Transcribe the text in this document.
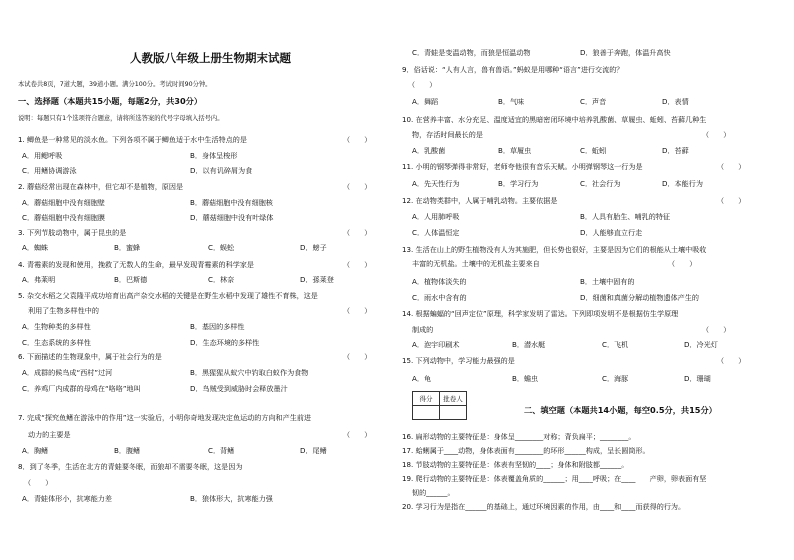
人教版八年级上册生物期末试题
本试卷共8页，7道大题，39道小题。满分100分。考试时间90分钟。
一、选择题（本题共15小题，每题2分，共30分）
说明：每题只有1个选项符合题意，请将所选答案的代号字母填入括号内。
1. 鲫鱼是一种常见的淡水鱼。下列各项不属于鲫鱼适于水中生活特点的是	（　　）
A．用鳃呼吸	B．身体呈梭形
C．用鳍协调游泳	D．以有讥碎屑为食
2. 蘑菇经常出现在森林中，但它却不是植物，原因是	（　　）
A．蘑菇细胞中没有细胞壁	B．蘑菇细胞中没有细胞核
C．蘑菇细胞中没有细胞膜	D．蘑菇细胞中没有叶绿体
3. 下列节肢动物中，属于昆虫的是	（　　）
A．蜘蛛	B．蜜蜂	C．蜈蚣	D．螃子
4. 青霉素的发现和使用，挽救了无数人的生命，最早发现青霉素的科学家是	（　　）
A．弗莱明	B．巴斯德	C．林奈	D．孫莱登
5. 杂交水稻之父袁隆平成功培育出高产杂交水稻的关键是在野生水稻中发现了雄性不育株，这是
利用了生物多样性中的	（　　）
A．生物种类的多样性	B．基因的多样性
C．生态系统的多样性	D．生态环境的多样性
6. 下面描述的生物现象中，属于社会行为的是	（　　）
A．成群的候鸟成“西村”过河	B．黑猩猩从蚁穴中钓取白蚁作为食物
C．养鸡厂内成群的母鸡在“咯咯”地叫	D．鸟贼受到威胁时会释放墨汁
7. 完成“探究鱼鳍在游泳中的作用”这一实验后，小明你奇地发现决定鱼运动的方向和产生前进
动力的主要是	（　　）
A．胸鳍	B．腹鳍	C．背鳍	D．尾鳍
8．到了冬季，生活在北方的青蛙要冬眠，而狼却不需要冬眠，这是因为
（　　）
A．青蛙体形小，抗寒能力差	B．狼体形大，抗寒能力强
C．青蛙是变温动物，而狼是恒温动物	D．狼善于奔跑，体温升高快
9．俗话说：“人有人言，兽有兽语。”蚂蚁是用哪种“语言”进行交流的？
（　　）
A．舞蹈	B．气味	C．声音	D．表情
10. 在营养丰富、水分充足、温度适宜的黑暗密闭环境中培养乳酸菌、草履虫、蚯蚓、苔藓几种生
物，存活时间最长的是	（　　）
A．乳酸菌	B．草履虫	C．蚯蚓	D．苔藓
11. 小明的钢琴弹得非常好，老师夸他很有音乐天赋。小明弹钢琴这一行为是	（　　）
A．先天性行为	B．学习行为	C．社会行为	D．本能行为
12. 在动物类群中，人属于哺乳动物。主要依据是	（　　）
A．人用肺呼吸	B．人具有胎生、哺乳的特征
C．人体温恒定	D．人能够直立行走
13. 生活在山上的野生植物没有人为其施肥，但长势也很好，主要是因为它们的根能从土壤中吸收
丰富的无机盐。土壤中的无机盐主要来自	（　　）
A．植物体淡失的	B．土壤中固有的
C．雨水中含有的	D．细菌和真菌分解动植物遗体产生的
14. 根据蝙蝠的“回声定位”原理，科学家发明了雷达。下列即项发明不是根据仿生学原理
制成的	（　　）
A．泡宇印刷术	B．潜水艇	C．飞机	D．冷光灯
15. 下列动物中，学习能力最强的是	（　　）
A．龟	B．蟾虫	C．海豚	D．珊瑚
得分	批卷人

二、填空题（本题共14小题，每空0.5分，共15分）
16. 扁形动物的主要特征是：身体呈________对称；背负扁平；________。
17. 蛤蜊属于____动物，身体表面有________的环形______构成，呈长圆筒形。
18. 节肢动物的主要特征是：体表有坚韧的____；身体和附肢都______。
19. 爬行动物的主要特征是：体表覆盖角质的______；用____呼吸；在____　　产卵，卵表面有坚
韧的______。
20. 学习行为是指在______的基础上，通过环境因素的作用，由____和____而获得的行为。
